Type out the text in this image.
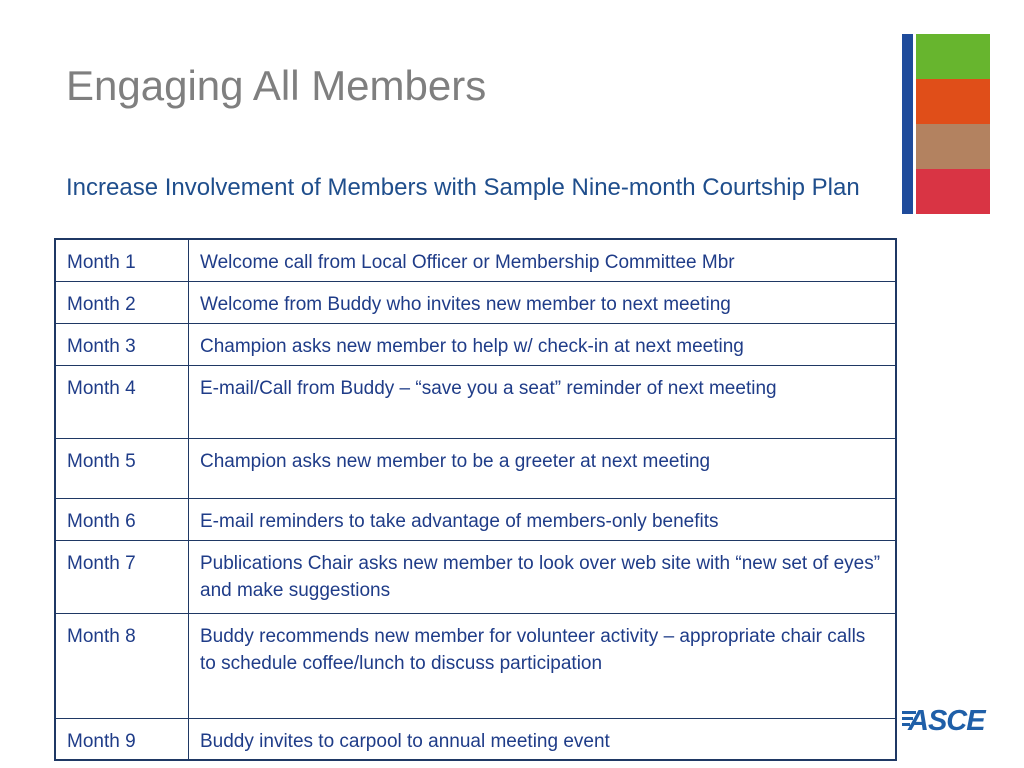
Engaging All Members
Increase Involvement of Members with Sample Nine-month Courtship Plan
Month 1	Welcome call from Local Officer or Membership Committee Mbr
Month 2	Welcome from Buddy who invites new member to next meeting
Month 3	Champion asks new member to help w/ check-in at next meeting
Month 4	E-mail/Call from Buddy – “save you a seat” reminder of next meeting
Month 5	Champion asks new member to be a greeter at next meeting
Month 6	E-mail reminders to take advantage of members-only benefits
Month 7	Publications Chair asks new member to look over web site with “new set of eyes” and make suggestions
Month 8	Buddy recommends new member for volunteer activity – appropriate chair calls to schedule coffee/lunch to discuss participation
Month 9	Buddy invites to carpool to annual meeting event
ASCE
